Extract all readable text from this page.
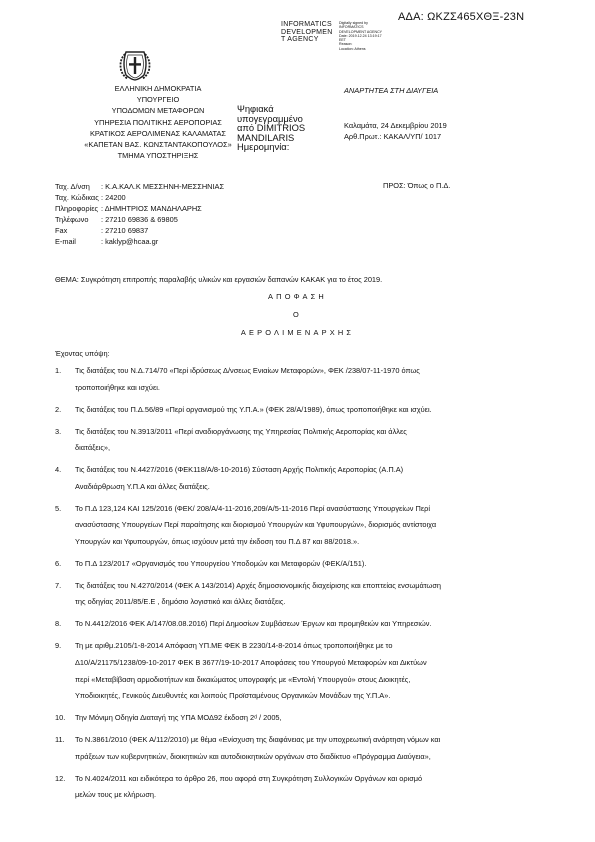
ΑΔΑ: ΩΚΖΣ465ΧΘΞ-23Ν
INFORMATICS
DEVELOPMEN
T AGENCY
Digitally signed by
INFORMATICS
DEVELOPMENT AGENCY
Date: 2019.12.24 13:19:17
EET
Reason:
Location: Athens
ΕΛΛΗΝΙΚΗ ΔΗΜΟΚΡΑΤΙΑ
ΥΠΟΥΡΓΕΙΟ
ΥΠΟΔΟΜΩΝ ΜΕΤΑΦΟΡΩΝ
ΥΠΗΡΕΣΙΑ ΠΟΛΙΤΙΚΗΣ ΑΕΡΟΠΟΡΙΑΣ
ΚΡΑΤΙΚΟΣ ΑΕΡΟΛΙΜΕΝΑΣ ΚΑΛΑΜΑΤΑΣ
«ΚΑΠΕΤΑΝ ΒΑΣ. ΚΩΝΣΤΑΝΤΑΚΟΠΟΥΛΟΣ»
ΤΜΗΜΑ ΥΠΟΣΤΗΡΙΞΗΣ
Ψηφιακά
υπογεγραμμένο
από DIMITRIOS
MANDILARIS
Ημερομηνία:
ΑΝΑΡΤΗΤΕΑ ΣΤΗ ΔΙΑΥΓΕΙΑ
Καλαμάτα, 24 Δεκεμβρίου 2019
Αρθ.Πρωτ.: ΚΑΚΑΛ/ΥΠ/ 1017
Ταχ. Δ/νση	: Κ.Α.ΚΑΛ.Κ ΜΕΣΣΗΝΗ-ΜΕΣΣΗΝΙΑΣ
Ταχ. Κώδικας : 24200
Πληροφορίες : ΔΗΜΗΤΡΙΟΣ ΜΑΝΔΗΛΑΡΗΣ
Τηλέφωνο	: 27210 69836 & 69805
Fax	: 27210 69837
E-mail	: kaklyp@hcaa.gr
ΠΡΟΣ: Όπως ο Π.Δ.
ΘΕΜΑ: Συγκρότηση επιτροπής παραλαβής υλικών και εργασιών δαπανών ΚΑΚΑΚ για το έτος 2019.
ΑΠΟΦΑΣΗ
Ο
ΑΕΡΟΛΙΜΕΝΑΡΧΗΣ
Έχοντας υπόψη:
1.	Τις διατάξεις του Ν.Δ.714/70 «Περί ιδρύσεως Δ/νσεως Ενιαίων Μεταφορών», ΦΕΚ /238/07-11-1970 όπως
τροποποιήθηκε και ισχύει.
2.	Τις διατάξεις του Π.Δ.56/89 «Περί οργανισμού της Υ.Π.Α.» (ΦΕΚ 28/Α/1989), όπως τροποποιήθηκε και ισχύει.
3.	Τις διατάξεις του Ν.3913/2011 «Περί αναδιοργάνωσης της Υπηρεσίας Πολιτικής Αεροπορίας και άλλες
διατάξεις»,
4.	Τις διατάξεις του Ν.4427/2016 (ΦΕΚ118/Α/8-10-2016) Σύσταση Αρχής Πολιτικής Αεροπορίας (Α.Π.Α)
Αναδιάρθρωση Υ.Π.Α και άλλες διατάξεις.
5.	Το Π.Δ 123,124 ΚΑΙ 125/2016 (ΦΕΚ/ 208/Α/4-11-2016,209/Α/5-11-2016 Περί ανασύστασης Υπουργείων Περί
ανασύστασης Υπουργείων Περί παραίτησης και διορισμού Υπουργών και Υφυπουργών», διορισμός αντίστοιχα
Υπουργών και Υφυπουργών, όπως ισχύουν μετά την έκδοση του Π.Δ 87 και 88/2018.».
6.	Το Π.Δ 123/2017 «Οργανισμός του Υπουργείου Υποδομών και Μεταφορών (ΦΕΚ/Α/151).
7.	Τις διατάξεις του Ν.4270/2014 (ΦΕΚ Α 143/2014) Αρχές δημοσιονομικής διαχείρισης και εποπτείας ενσωμάτωση
της οδηγίας 2011/85/Ε.Ε , δημόσιο λογιστικό και άλλες διατάξεις.
8.	Το Ν.4412/2016 ΦΕΚ Α/147/08.08.2016) Περί Δημοσίων Συμβάσεων Έργων και προμηθειών και Υπηρεσιών.
9.	Τη με αριθμ.2105/1-8-2014 Απόφαση ΥΠ.ΜΕ ΦΕΚ Β 2230/14-8-2014 όπως τροποποιήθηκε με το
Δ10/Α/21175/1238/09-10-2017 ΦΕΚ Β 3677/19-10-2017 Αποφάσεις του Υπουργού Μεταφορών και Δικτύων
περί «Μεταβίβαση αρμοδιοτήτων και δικαιώματος υπογραφής με «Εντολή Υπουργού» στους Διοικητές,
Υποδιοικητές, Γενικούς Διευθυντές και λοιπούς Προϊσταμένους Οργανικών Μονάδων της Υ.Π.Α».
10.	Την Μόνιμη Οδηγία Διαταγή της ΥΠΑ ΜΟΔ92 έκδοση 2ᵈ / 2005,
11.	Το Ν.3861/2010 (ΦΕΚ Α/112/2010) με θέμα «Ενίσχυση της διαφάνειας με την υποχρεωτική ανάρτηση νόμων και
πράξεων των κυβερνητικών, διοικητικών και αυτοδιοικητικών οργάνων στο διαδίκτυο «Πρόγραμμα Διαύγεια»,
12.	Το Ν.4024/2011 και ειδικότερα το άρθρο 26, που αφορά στη Συγκρότηση Συλλογικών Οργάνων και ορισμό
μελών τους με κλήρωση.
